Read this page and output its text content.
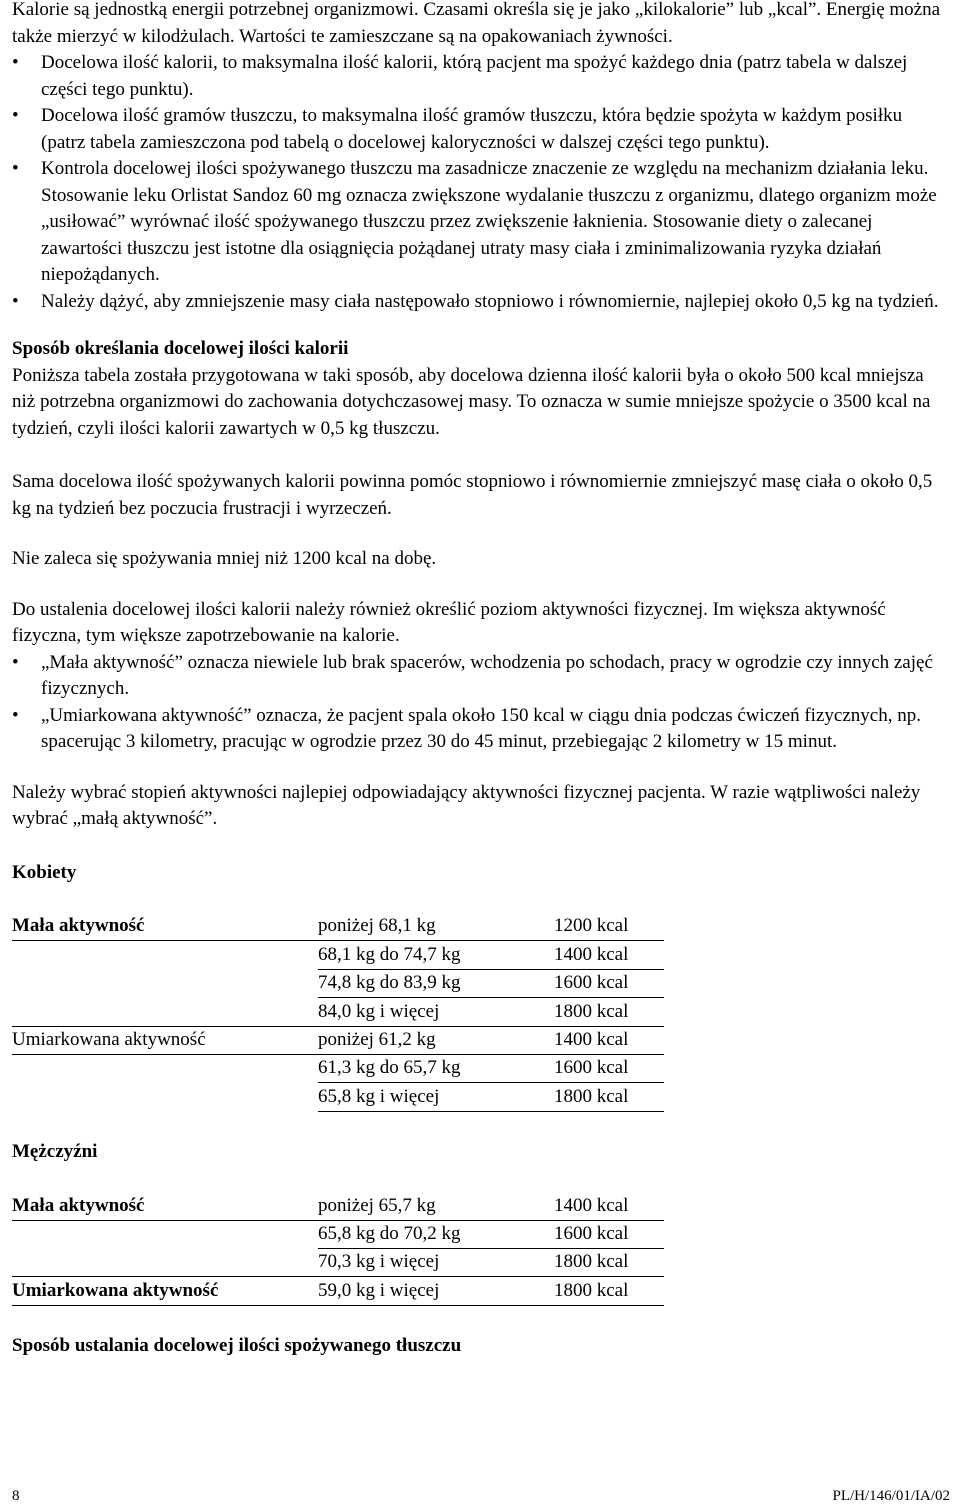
Kalorie są jednostką energii potrzebnej organizmowi. Czasami określa się je jako „kilokalorie” lub „kcal”. Energię można także mierzyć w kilodżulach. Wartości te zamieszczane są na opakowaniach żywności.

• Docelowa ilość kalorii, to maksymalna ilość kalorii, którą pacjent ma spożyć każdego dnia (patrz tabela w dalszej części tego punktu).
• Docelowa ilość gramów tłuszczu, to maksymalna ilość gramów tłuszczu, która będzie spożyta w każdym posiłku (patrz tabela zamieszczona pod tabelą o docelowej kaloryczności w dalszej części tego punktu).
• Kontrola docelowej ilości spożywanego tłuszczu ma zasadnicze znaczenie ze względu na mechanizm działania leku. Stosowanie leku Orlistat Sandoz 60 mg oznacza zwiększone wydalanie tłuszczu z organizmu, dlatego organizm może „usiłować” wyrównać ilość spożywanego tłuszczu przez zwiększenie łaknienia. Stosowanie diety o zalecanej zawartości tłuszczu jest istotne dla osiągnięcia pożądanej utraty masy ciała i zminimalizowania ryzyka działań niepożądanych.
• Należy dążyć, aby zmniejszenie masy ciała następowało stopniowo i równomiernie, najlepiej około 0,5 kg na tydzień.

Sposób określania docelowej ilości kalorii

Poniższa tabela została przygotowana w taki sposób, aby docelowa dzienna ilość kalorii była o około 500 kcal mniejsza niż potrzebna organizmowi do zachowania dotychczasowej masy. To oznacza w sumie mniejsze spożycie o 3500 kcal na tydzień, czyli ilości kalorii zawartych w 0,5 kg tłuszczu.

Sama docelowa ilość spożywanych kalorii powinna pomóc stopniowo i równomiernie zmniejszyć masę ciała o około 0,5 kg na tydzień bez poczucia frustracji i wyrzeczeń.

Nie zaleca się spożywania mniej niż 1200 kcal na dobę.

Do ustalenia docelowej ilości kalorii należy również określić poziom aktywności fizycznej. Im większa aktywność fizyczna, tym większe zapotrzebowanie na kalorie.

• „Mała aktywność” oznacza niewiele lub brak spacerów, wchodzenia po schodach, pracy w ogrodzie czy innych zajęć fizycznych.
• „Umiarkowana aktywność” oznacza, że pacjent spala około 150 kcal w ciągu dnia podczas ćwiczeń fizycznych, np. spacerując 3 kilometry, pracując w ogrodzie przez 30 do 45 minut, przebiegając 2 kilometry w 15 minut.

Należy wybrać stopień aktywności najlepiej odpowiadający aktywności fizycznej pacjenta. W razie wątpliwości należy wybrać „małą aktywność”.

Kobiety

Mała aktywność	poniżej 68,1 kg	1200 kcal
	68,1 kg do 74,7 kg	1400 kcal
	74,8 kg do 83,9 kg	1600 kcal
	84,0 kg i więcej	1800 kcal
Umiarkowana aktywność	poniżej 61,2 kg	1400 kcal
	61,3 kg do 65,7 kg	1600 kcal
	65,8 kg i więcej	1800 kcal

Mężczyźni

Mała aktywność	poniżej 65,7 kg	1400 kcal
	65,8 kg do 70,2 kg	1600 kcal
	70,3 kg i więcej	1800 kcal
Umiarkowana aktywność	59,0 kg i więcej	1800 kcal

Sposób ustalania docelowej ilości spożywanego tłuszczu

8	PL/H/146/01/IA/02
